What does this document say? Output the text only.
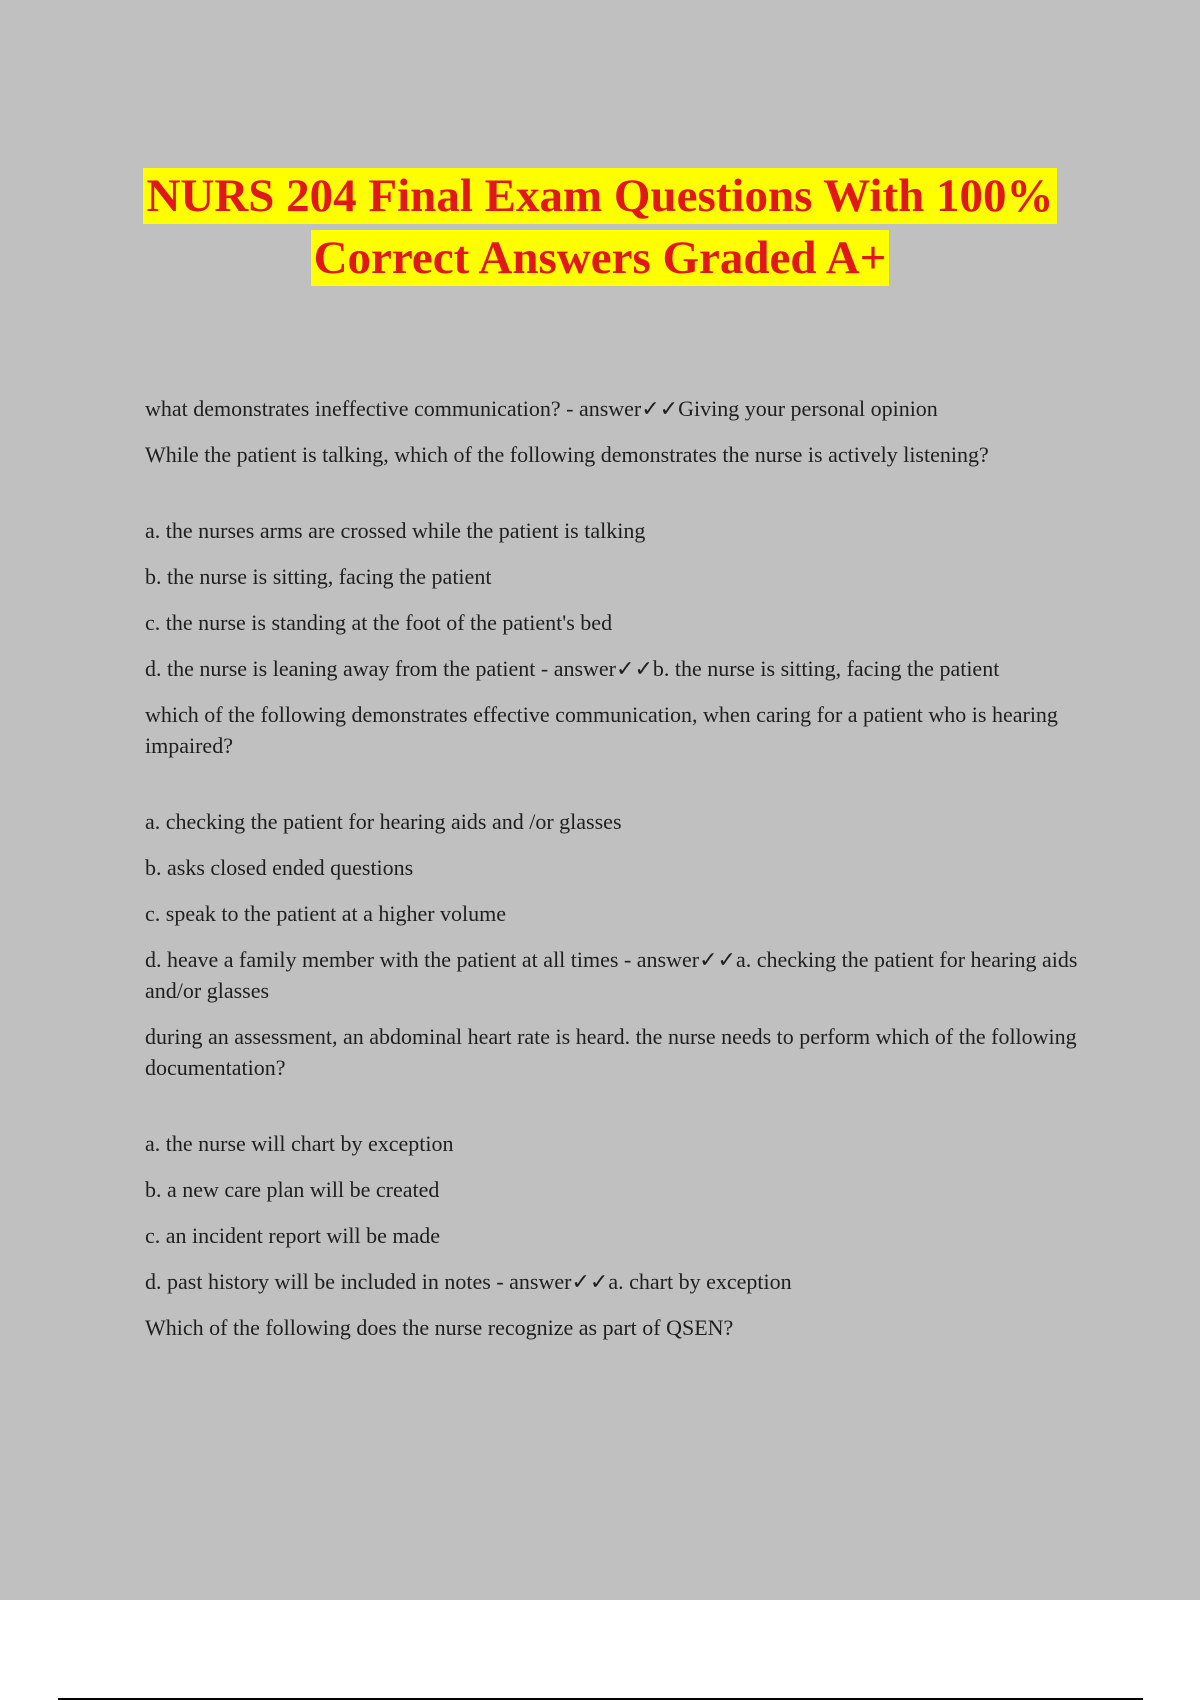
NURS 204 Final Exam Questions With 100%
Correct Answers Graded A+

what demonstrates ineffective communication? - answer✓✓Giving your personal opinion

While the patient is talking, which of the following demonstrates the nurse is actively listening?

a. the nurses arms are crossed while the patient is talking

b. the nurse is sitting, facing the patient

c. the nurse is standing at the foot of the patient's bed

d. the nurse is leaning away from the patient - answer✓✓b. the nurse is sitting, facing the patient

which of the following demonstrates effective communication, when caring for a patient who is hearing impaired?

a. checking the patient for hearing aids and /or glasses

b. asks closed ended questions

c. speak to the patient at a higher volume

d. heave a family member with the patient at all times - answer✓✓a. checking the patient for hearing aids and/or glasses

during an assessment, an abdominal heart rate is heard. the nurse needs to perform which of the following documentation?

a. the nurse will chart by exception

b. a new care plan will be created

c. an incident report will be made

d. past history will be included in notes - answer✓✓a. chart by exception

Which of the following does the nurse recognize as part of QSEN?
